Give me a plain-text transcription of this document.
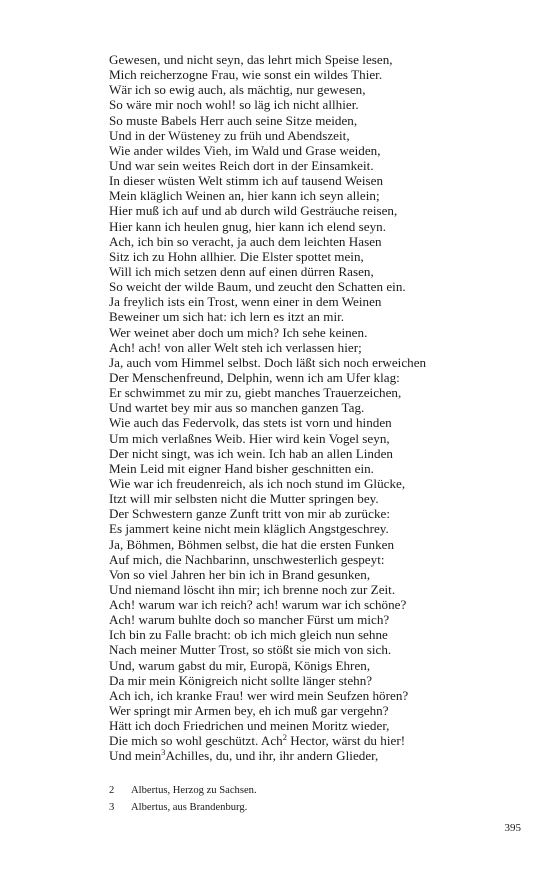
Gewesen, und nicht seyn, das lehrt mich Speise lesen,
Mich reicherzogne Frau, wie sonst ein wildes Thier.
Wär ich so ewig auch, als mächtig, nur gewesen,
So wäre mir noch wohl! so läg ich nicht allhier.
So muste Babels Herr auch seine Sitze meiden,
Und in der Wüsteney zu früh und Abendszeit,
Wie ander wildes Vieh, im Wald und Grase weiden,
Und war sein weites Reich dort in der Einsamkeit.
In dieser wüsten Welt stimm ich auf tausend Weisen
Mein kläglich Weinen an, hier kann ich seyn allein;
Hier muß ich auf und ab durch wild Gesträuche reisen,
Hier kann ich heulen gnug, hier kann ich elend seyn.
Ach, ich bin so veracht, ja auch dem leichten Hasen
Sitz ich zu Hohn allhier. Die Elster spottet mein,
Will ich mich setzen denn auf einen dürren Rasen,
So weicht der wilde Baum, und zeucht den Schatten ein.
Ja freylich ists ein Trost, wenn einer in dem Weinen
Beweiner um sich hat: ich lern es itzt an mir.
Wer weinet aber doch um mich? Ich sehe keinen.
Ach! ach! von aller Welt steh ich verlassen hier;
Ja, auch vom Himmel selbst. Doch läßt sich noch erweichen
Der Menschenfreund, Delphin, wenn ich am Ufer klag:
Er schwimmet zu mir zu, giebt manches Trauerzeichen,
Und wartet bey mir aus so manchen ganzen Tag.
Wie auch das Federvolk, das stets ist vorn und hinden
Um mich verlaßnes Weib. Hier wird kein Vogel seyn,
Der nicht singt, was ich wein. Ich hab an allen Linden
Mein Leid mit eigner Hand bisher geschnitten ein.
Wie war ich freudenreich, als ich noch stund im Glücke,
Itzt will mir selbsten nicht die Mutter springen bey.
Der Schwestern ganze Zunft tritt von mir ab zurücke:
Es jammert keine nicht mein kläglich Angstgeschrey.
Ja, Böhmen, Böhmen selbst, die hat die ersten Funken
Auf mich, die Nachbarinn, unschwesterlich gespeyt:
Von so viel Jahren her bin ich in Brand gesunken,
Und niemand löscht ihn mir; ich brenne noch zur Zeit.
Ach! warum war ich reich? ach! warum war ich schöne?
Ach! warum buhlte doch so mancher Fürst um mich?
Ich bin zu Falle bracht: ob ich mich gleich nun sehne
Nach meiner Mutter Trost, so stößt sie mich von sich.
Und, warum gabst du mir, Europä, Königs Ehren,
Da mir mein Königreich nicht sollte länger stehn?
Ach ich, ich kranke Frau! wer wird mein Seufzen hören?
Wer springt mir Armen bey, eh ich muß gar vergehn?
Hätt ich doch Friedrichen und meinen Moritz wieder,
Die mich so wohl geschützt. Ach$^2$ Hector, wärst du hier!
Und mein$^3$Achilles, du, und ihr, ihr andern Glieder,
2 Albertus, Herzog zu Sachsen.
3 Albertus, aus Brandenburg.
395
